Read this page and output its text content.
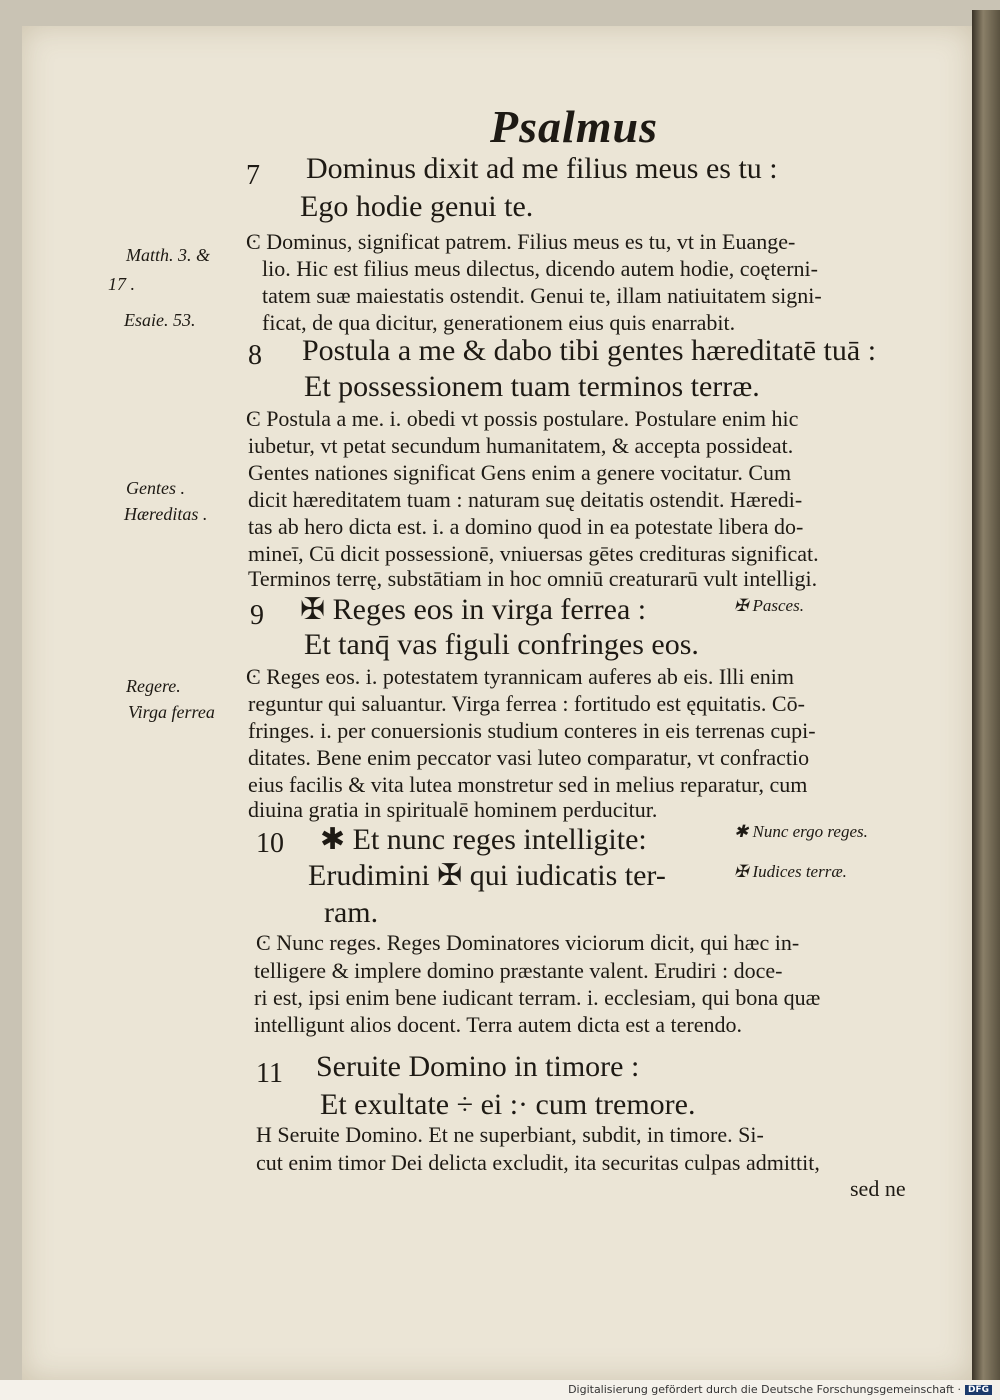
Psalmus
7 Dominus dixit ad me filius meus es tu :
Ego hodie genui te.
Ͼ Dominus, significat patrem. Filius meus es tu, vt in Euange-
lio. Hic est filius meus dilectus, dicendo autem hodie, coęterni-
tatem suæ maiestatis ostendit. Genui te, illam natiuitatem signi-
ficat, de qua dicitur, generationem eius quis enarrabit.
8 Postula a me & dabo tibi gentes hæreditatē tuā :
Et possessionem tuam terminos terræ.
Ͼ Postula a me. i. obedi vt possis postulare. Postulare enim hic
iubetur, vt petat secundum humanitatem, & accepta possideat.
Gentes nationes significat Gens enim a genere vocitatur. Cum
dicit hæreditatem tuam : naturam suę deitatis ostendit. Hæredi-
tas ab hero dicta est. i. a domino quod in ea potestate libera do-
mineī, Cū dicit possessionē, vniuersas gētes credituras significat.
Terminos terrę, substātiam in hoc omniū creaturarū vult intelligi.
9 ✠ Reges eos in virga ferrea :
Et tanq̄ vas figuli confringes eos.
Ͼ Reges eos. i. potestatem tyrannicam auferes ab eis. Illi enim
reguntur qui saluantur. Virga ferrea : fortitudo est ęquitatis. Cō-
fringes. i. per conuersionis studium conteres in eis terrenas cupi-
ditates. Bene enim peccator vasi luteo comparatur, vt confractio
eius facilis & vita lutea monstretur sed in melius reparatur, cum
diuina gratia in spiritualē hominem perducitur.
10 ✱ Et nunc reges intelligite:
Erudimini ✠ qui iudicatis ter-
ram.
Ͼ Nunc reges. Reges Dominatores viciorum dicit, qui hæc in-
telligere & implere domino præstante valent. Erudiri : doce-
ri est, ipsi enim bene iudicant terram. i. ecclesiam, qui bona quæ
intelligunt alios docent. Terra autem dicta est a terendo.
11 Seruite Domino in timore :
Et exultate ÷ ei :· cum tremore.
H Seruite Domino. Et ne superbiant, subdit, in timore. Si-
cut enim timor Dei delicta excludit, ita securitas culpas admittit,
sed ne
Matth. 3. &
17 .
Esaie. 53.
Gentes .
Hæreditas .
Regere.
Virga ferrea
✠ Pasces.
✱ Nunc ergo reges.
✠ Iudices terræ.
Digitalisierung gefördert durch die Deutsche Forschungsgemeinschaft · DFG
